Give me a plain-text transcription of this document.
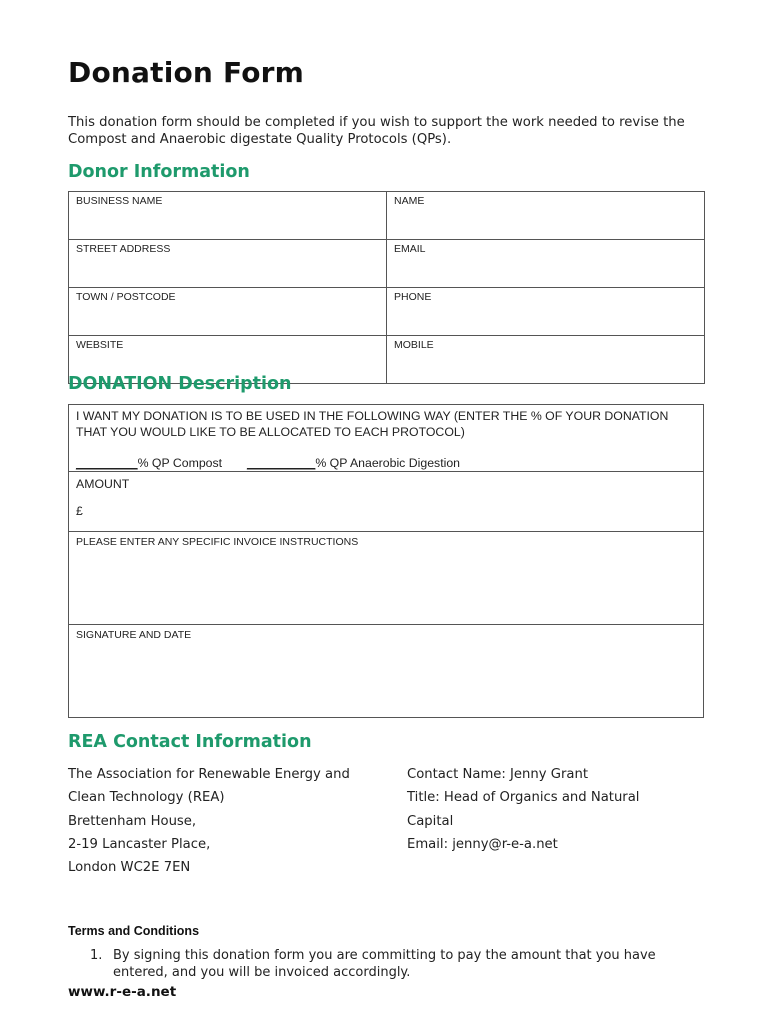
Donation Form
This donation form should be completed if you wish to support the work needed to revise the Compost and Anaerobic digestate Quality Protocols (QPs).
Donor Information
BUSINESS NAME	NAME
STREET ADDRESS	EMAIL
TOWN / POSTCODE	PHONE
WEBSITE	MOBILE
DONATION Description
I WANT MY DONATION IS TO BE USED IN THE FOLLOWING WAY (ENTER THE % OF YOUR DONATION THAT YOU WOULD LIKE TO BE ALLOCATED TO EACH PROTOCOL)
_________% QP Compost __________% QP Anaerobic Digestion
AMOUNT
£
PLEASE ENTER ANY SPECIFIC INVOICE INSTRUCTIONS
SIGNATURE AND DATE
REA Contact Information
The Association for Renewable Energy and
Clean Technology (REA)
Brettenham House,
2-19 Lancaster Place,
London WC2E 7EN
Contact Name: Jenny Grant
Title: Head of Organics and Natural
Capital
Email: jenny@r-e-a.net
Terms and Conditions
1. By signing this donation form you are committing to pay the amount that you have entered, and you will be invoiced accordingly.
www.r-e-a.net
